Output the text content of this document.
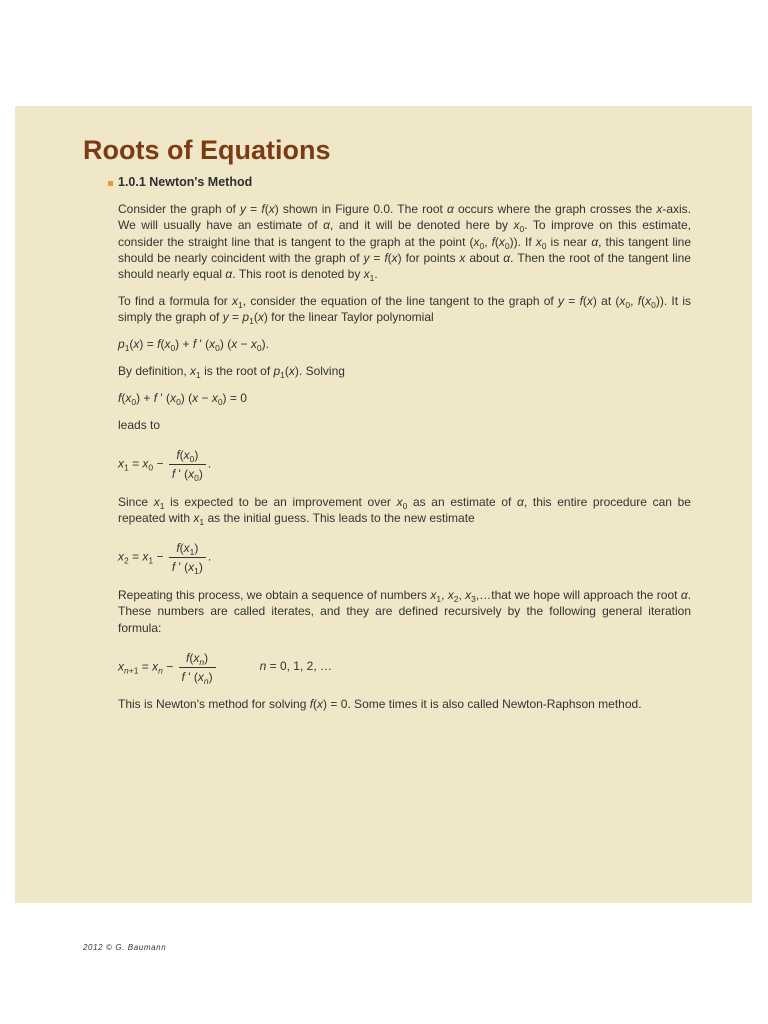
Roots of Equations
1.0.1 Newton's Method
Consider the graph of y = f(x) shown in Figure 0.0. The root α occurs where the graph crosses the x-axis. We will usually have an estimate of α, and it will be denoted here by $x_0$. To improve on this estimate, consider the straight line that is tangent to the graph at the point ($x_0$, $f(x_0)$). If $x_0$ is near α, this tangent line should be nearly coincident with the graph of y = f(x) for points x about α. Then the root of the tangent line should nearly equal α. This root is denoted by $x_1$.
To find a formula for $x_1$, consider the equation of the line tangent to the graph of y = f(x) at ($x_0$, $f(x_0)$). It is simply the graph of $y = p_1(x)$ for the linear Taylor polynomial
$p_1(x) = f(x_0) + f$ ' $(x_0) (x - x_0)$.
By definition, $x_1$ is the root of $p_1(x)$. Solving
$f(x_0) + f$ ' $(x_0) (x - x_0) = 0$
leads to
$x_1 = x_0 - \frac{f(x_0)}{f ' (x_0)}$ .
Since $x_1$ is expected to be an improvement over $x_0$ as an estimate of α, this entire procedure can be repeated with $x_1$ as the initial guess. This leads to the new estimate
$x_2 = x_1 - \frac{f(x_1)}{f ' (x_1)}$ .
Repeating this process, we obtain a sequence of numbers $x_1$, $x_2$, $x_3,\dots that$ we hope will approach the root α. These numbers are called iterates, and they are defined recursively by the following general iteration formula:
$x_{n+1} = x_n - \frac{f(x_n)}{f ' (x_n)}$	n = 0, 1, 2, …
This is Newton's method for solving f(x) = 0. Some times it is also called Newton-Raphson method.
2012 © G. Baumann
